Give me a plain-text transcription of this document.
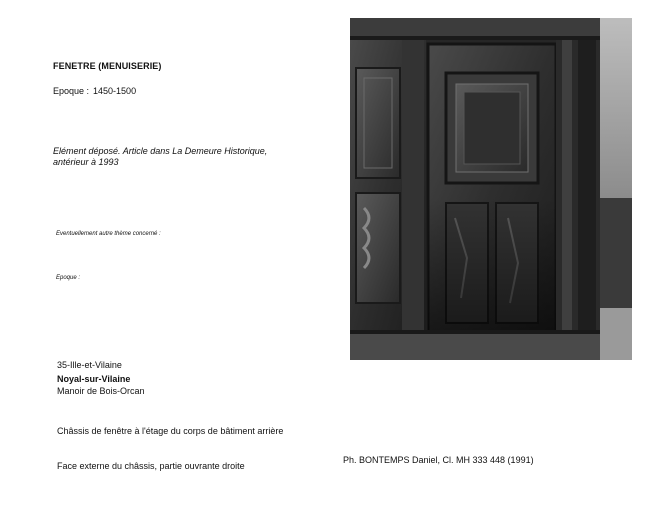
FENETRE (MENUISERIE)
Epoque : 1450-1500
Elément déposé. Article dans La Demeure Historique,
antérieur à 1993
Eventuellement autre thème concerné :
Epoque :
35-Ille-et-Vilaine
Noyal-sur-Vilaine
Manoir de Bois-Orcan
Châssis de fenêtre à l'étage du corps de bâtiment arrière
Face externe du châssis, partie ouvrante droite
Ph. BONTEMPS Daniel, Cl. MH 333 448 (1991)
